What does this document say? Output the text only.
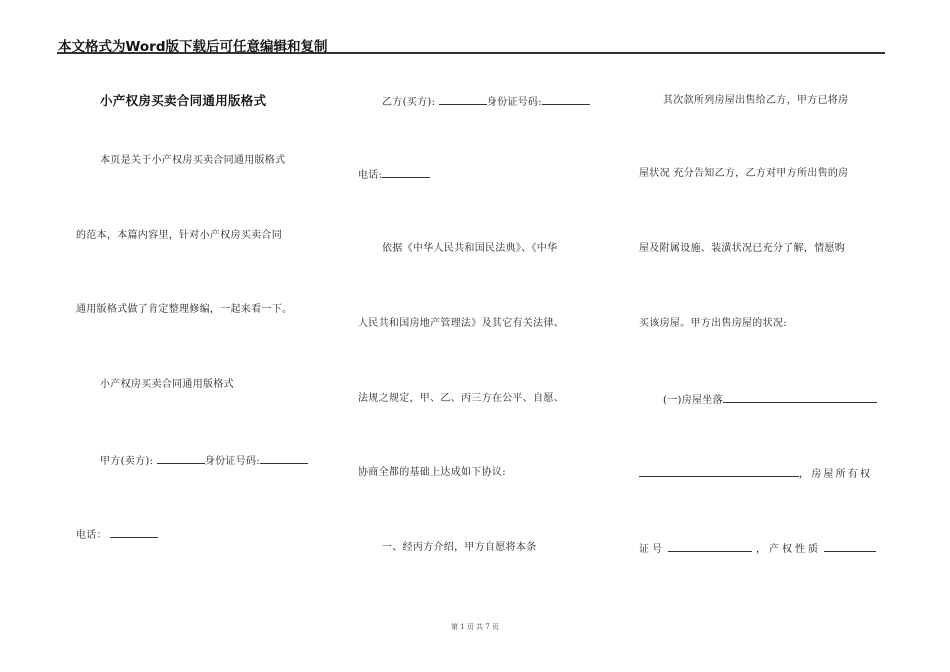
本文格式为Word版下载后可任意编辑和复制
小产权房买卖合同通用版格式
本页是关于小产权房买卖合同通用版格式
的范本，本篇内容里，针对小产权房买卖合同
通用版格式做了肯定整理修编，一起来看一下。
小产权房买卖合同通用版格式
甲方(卖方):	身份证号码:
电话：
乙方(买方):	身份证号码:
电话:
依据《中华人民共和国民法典》、《中华
人民共和国房地产管理法》及其它有关法律、
法规之规定，甲、乙、丙三方在公平、自愿、
协商全都的基础上达成如下协议:
一、经丙方介绍，甲方自愿将本条
其次款所列房屋出售给乙方，甲方已将房
屋状况 充分告知乙方，乙方对甲方所出售的房
屋及附属设施、装潢状况已充分了解，情愿购
买该房屋。甲方出售房屋的状况:
(一)房屋坐落
，房屋所有权
证号	，产权性质
第 1 页 共 7 页
